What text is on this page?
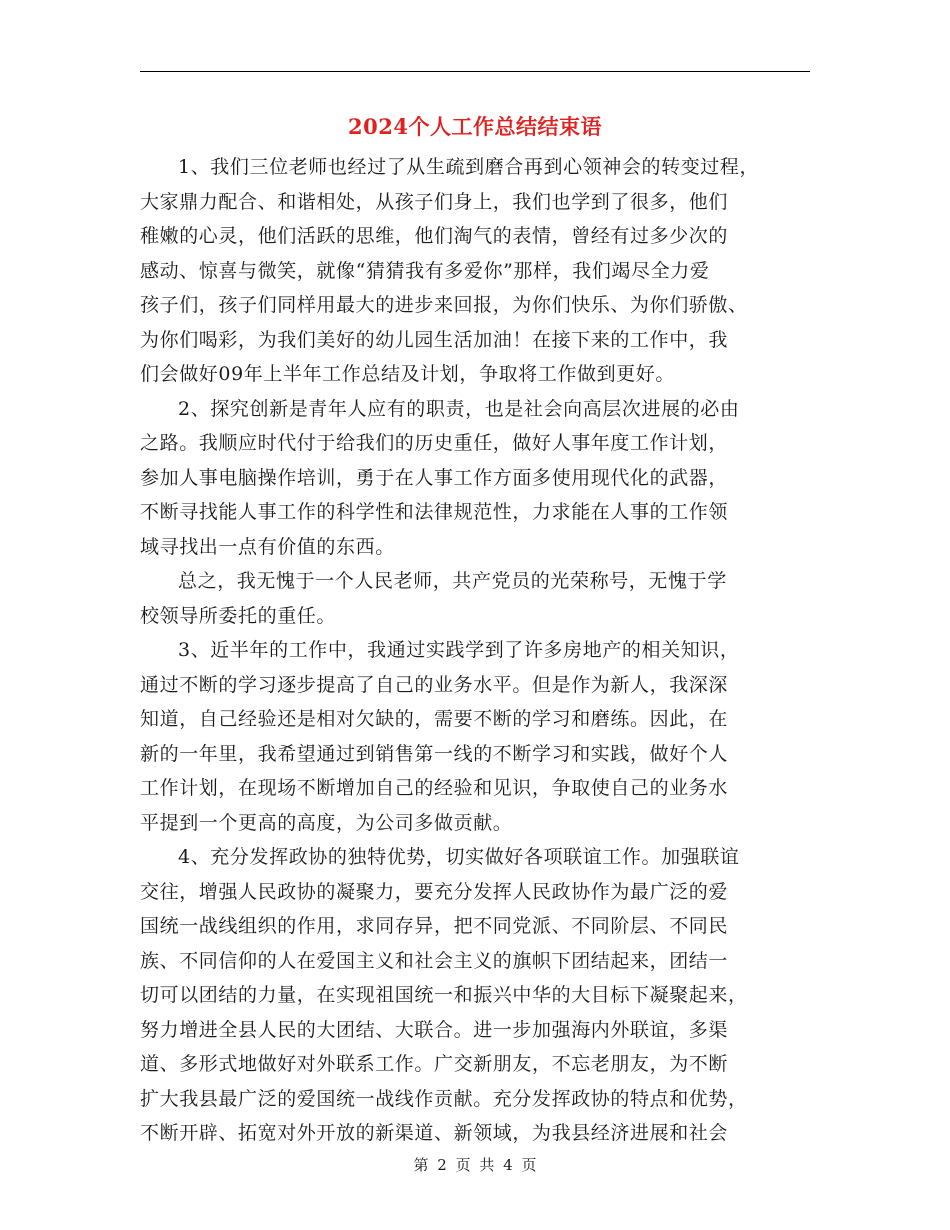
2024个人工作总结结束语
1、我们三位老师也经过了从生疏到磨合再到心领神会的转变过程，
大家鼎力配合、和谐相处，从孩子们身上，我们也学到了很多，他们
稚嫩的心灵，他们活跃的思维，他们淘气的表情，曾经有过多少次的
感动、惊喜与微笑，就像“猜猜我有多爱你”那样，我们竭尽全力爱
孩子们，孩子们同样用最大的进步来回报，为你们快乐、为你们骄傲、
为你们喝彩，为我们美好的幼儿园生活加油！在接下来的工作中，我
们会做好09年上半年工作总结及计划，争取将工作做到更好。
2、探究创新是青年人应有的职责，也是社会向高层次进展的必由
之路。我顺应时代付于给我们的历史重任，做好人事年度工作计划，
参加人事电脑操作培训，勇于在人事工作方面多使用现代化的武器，
不断寻找能人事工作的科学性和法律规范性，力求能在人事的工作领
域寻找出一点有价值的东西。
总之，我无愧于一个人民老师，共产党员的光荣称号，无愧于学
校领导所委托的重任。
3、近半年的工作中，我通过实践学到了许多房地产的相关知识，
通过不断的学习逐步提高了自己的业务水平。但是作为新人，我深深
知道，自己经验还是相对欠缺的，需要不断的学习和磨练。因此，在
新的一年里，我希望通过到销售第一线的不断学习和实践，做好个人
工作计划，在现场不断增加自己的经验和见识，争取使自己的业务水
平提到一个更高的高度，为公司多做贡献。
4、充分发挥政协的独特优势，切实做好各项联谊工作。加强联谊
交往，增强人民政协的凝聚力，要充分发挥人民政协作为最广泛的爱
国统一战线组织的作用，求同存异，把不同党派、不同阶层、不同民
族、不同信仰的人在爱国主义和社会主义的旗帜下团结起来，团结一
切可以团结的力量，在实现祖国统一和振兴中华的大目标下凝聚起来，
努力增进全县人民的大团结、大联合。进一步加强海内外联谊，多渠
道、多形式地做好对外联系工作。广交新朋友，不忘老朋友，为不断
扩大我县最广泛的爱国统一战线作贡献。充分发挥政协的特点和优势，
不断开辟、拓宽对外开放的新渠道、新领域，为我县经济进展和社会
第 2 页 共 4 页
